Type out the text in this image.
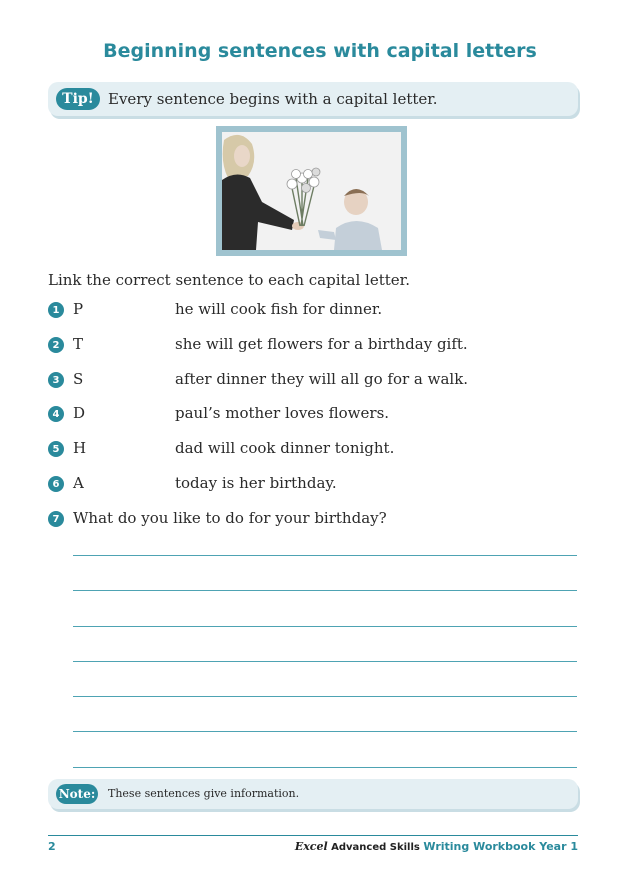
Beginning sentences with capital letters
Tip! Every sentence begins with a capital letter.
Link the correct sentence to each capital letter.
1 P	he will cook fish for dinner.
2 T	she will get flowers for a birthday gift.
3 S	after dinner they will all go for a walk.
4 D	paul’s mother loves flowers.
5 H	dad will cook dinner tonight.
6 A	today is her birthday.
7 What do you like to do for your birthday?
Note: These sentences give information.
2	Excel Advanced Skills Writing Workbook Year 1
